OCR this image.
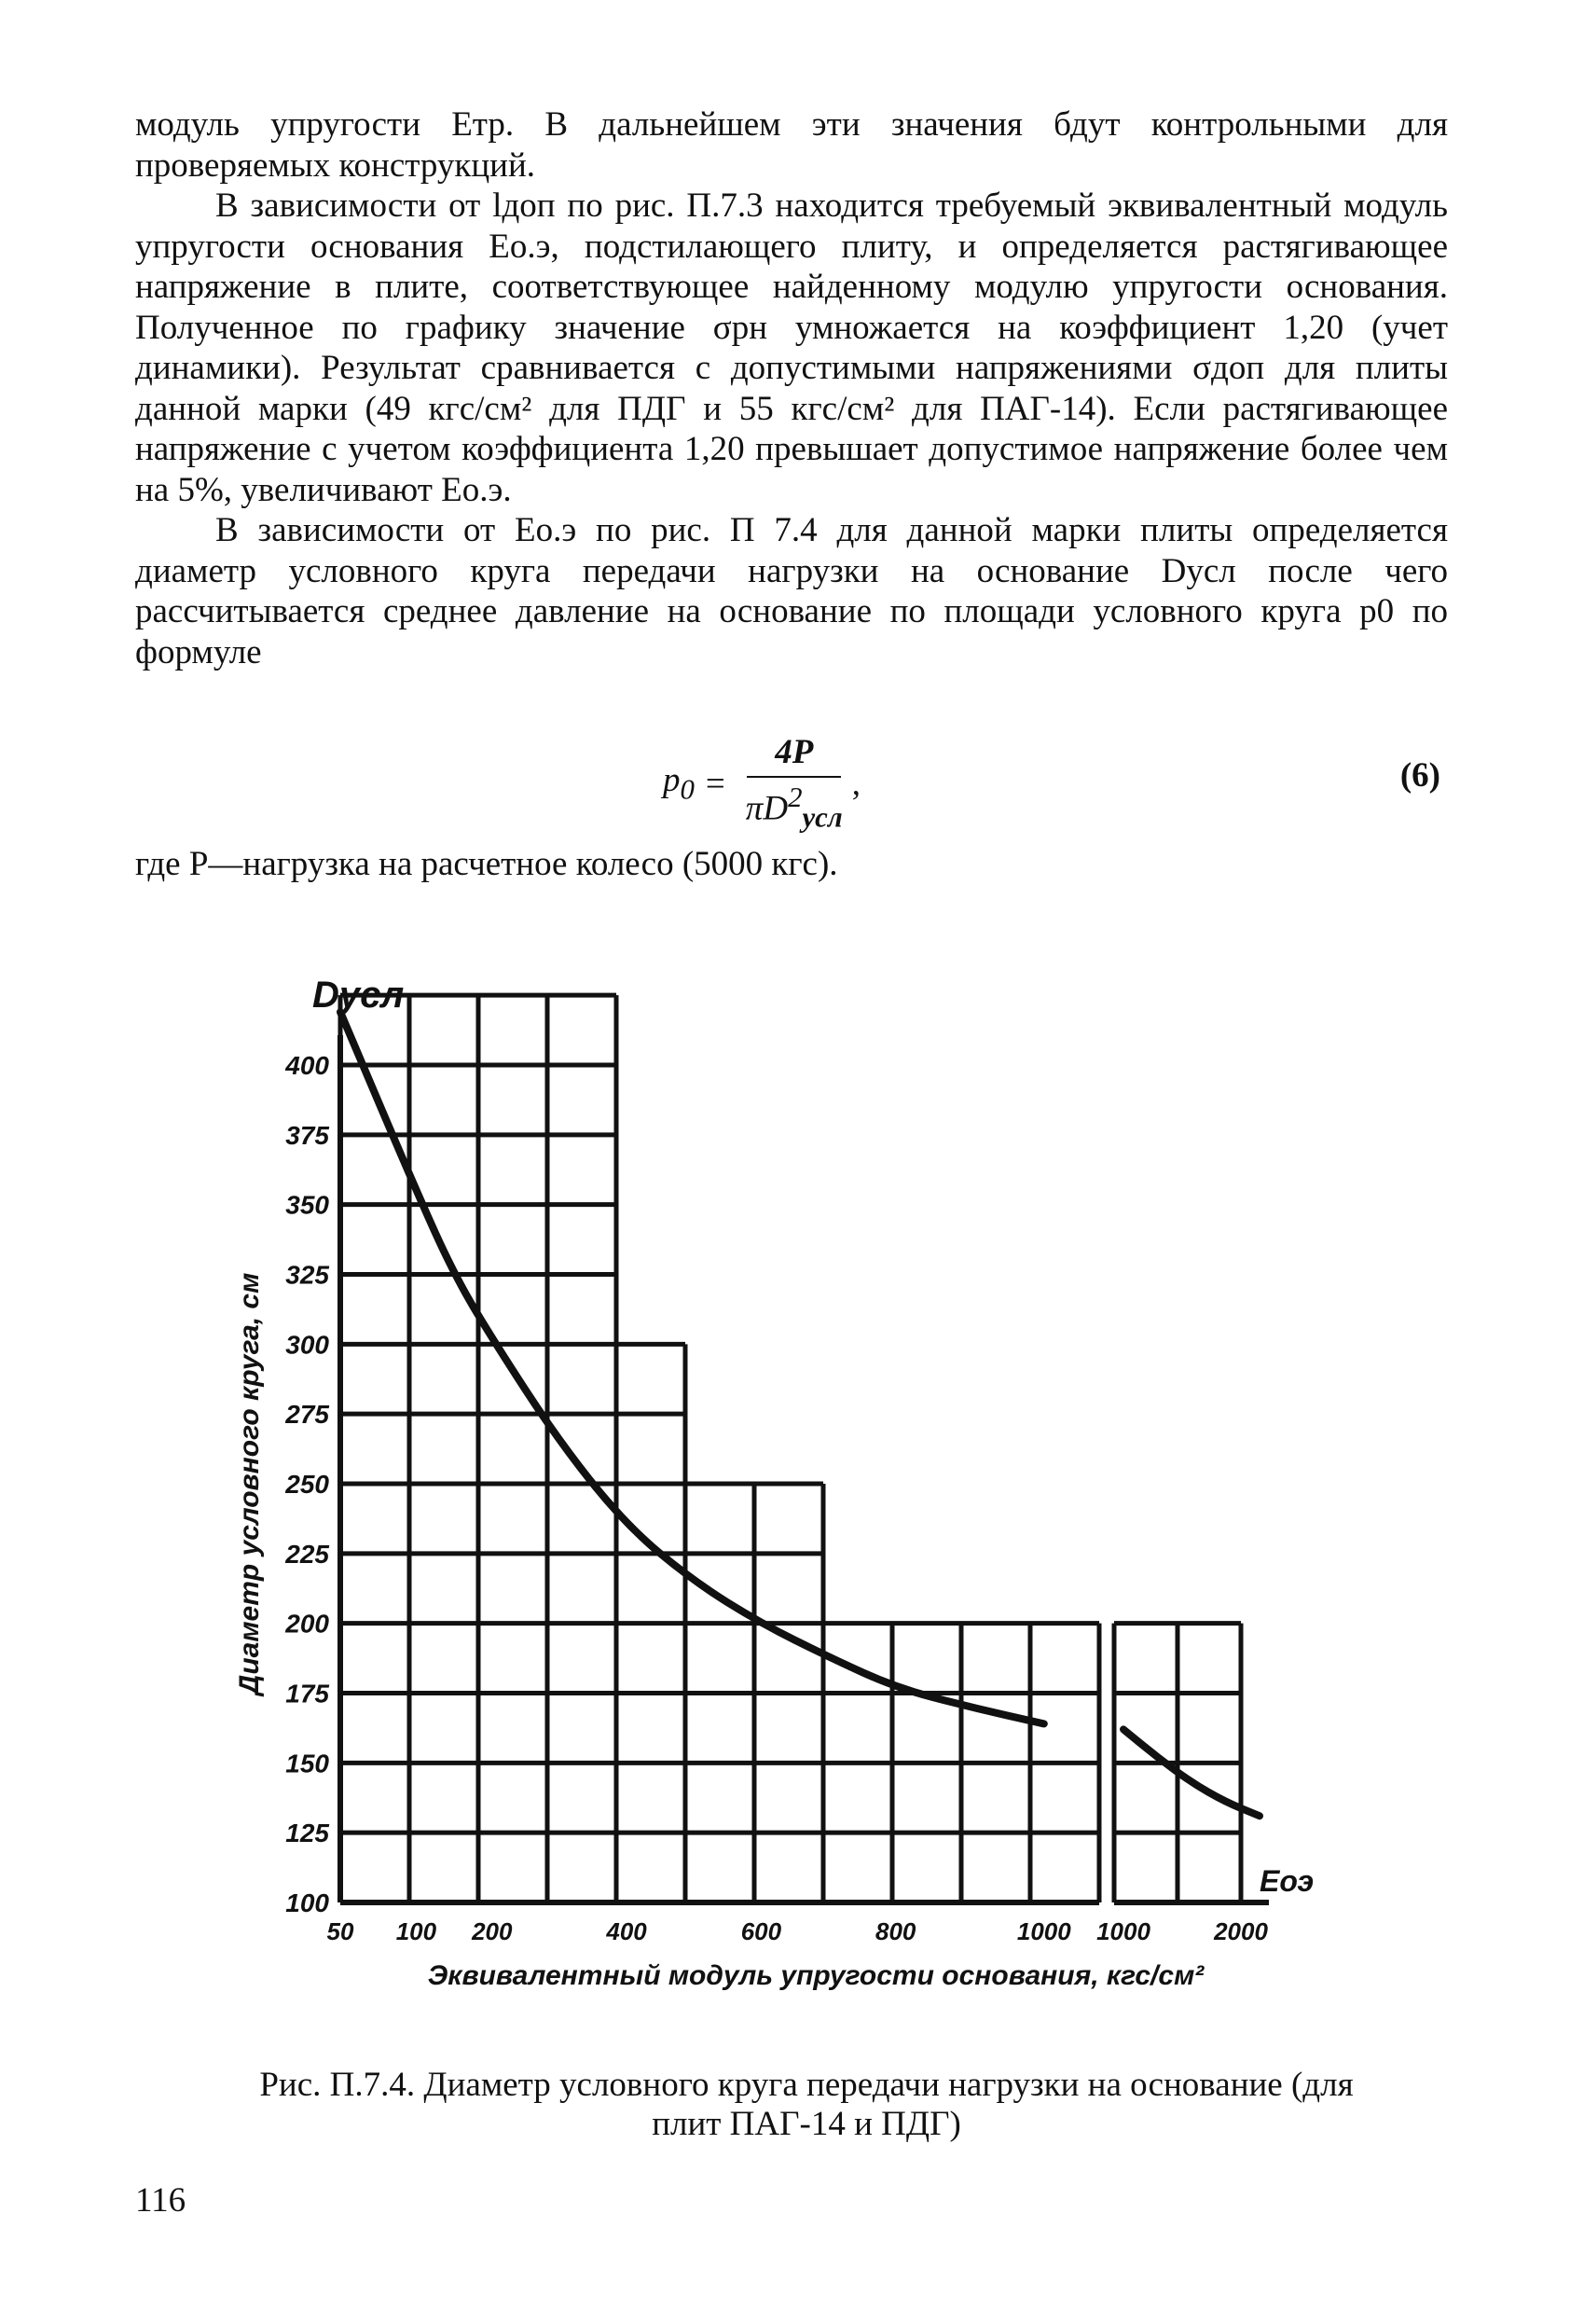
модуль упругости Eтр. В дальнейшем эти значения бдут контрольными для проверяемых конструкций.

В зависимости от lдоп по рис. П.7.3 находится требуемый эквивалентный модуль упругости основания Eо.э, подстилающего плиту, и определяется растягивающее напряжение в плите, соответствующее найденному модулю упругости основания. Полученное по графику значение σрн умножается на коэффициент 1,20 (учет динамики). Результат сравнивается с допустимыми напряжениями σдоп для плиты данной марки (49 кгс/см² для ПДГ и 55 кгс/см² для ПАГ-14). Если растягивающее напряжение с учетом коэффициента 1,20 превышает допустимое напряжение более чем на 5%, увеличивают Eо.э.

В зависимости от Eо.э по рис. П 7.4 для данной марки плиты определяется диаметр условного круга передачи нагрузки на основание Dусл после чего рассчитывается среднее давление на основание по площади условного круга p0 по формуле

$p_0 = \frac{4P}{\pi D^2_{усл}}$ ,	(6)
где P—нагрузка на расчетное колесо (5000 кгс).
400
375
350
325
300
275
250
225
200
175
150
125
100
50 100 200	400	600	800	1000 1000	2000
Dусл
Eоэ
Диаметр условного круга, см
Эквивалентный модуль упругости основания, кгс/см²
Рис. П.7.4. Диаметр условного круга передачи нагрузки на основание (для плит ПАГ-14 и ПДГ)
116
